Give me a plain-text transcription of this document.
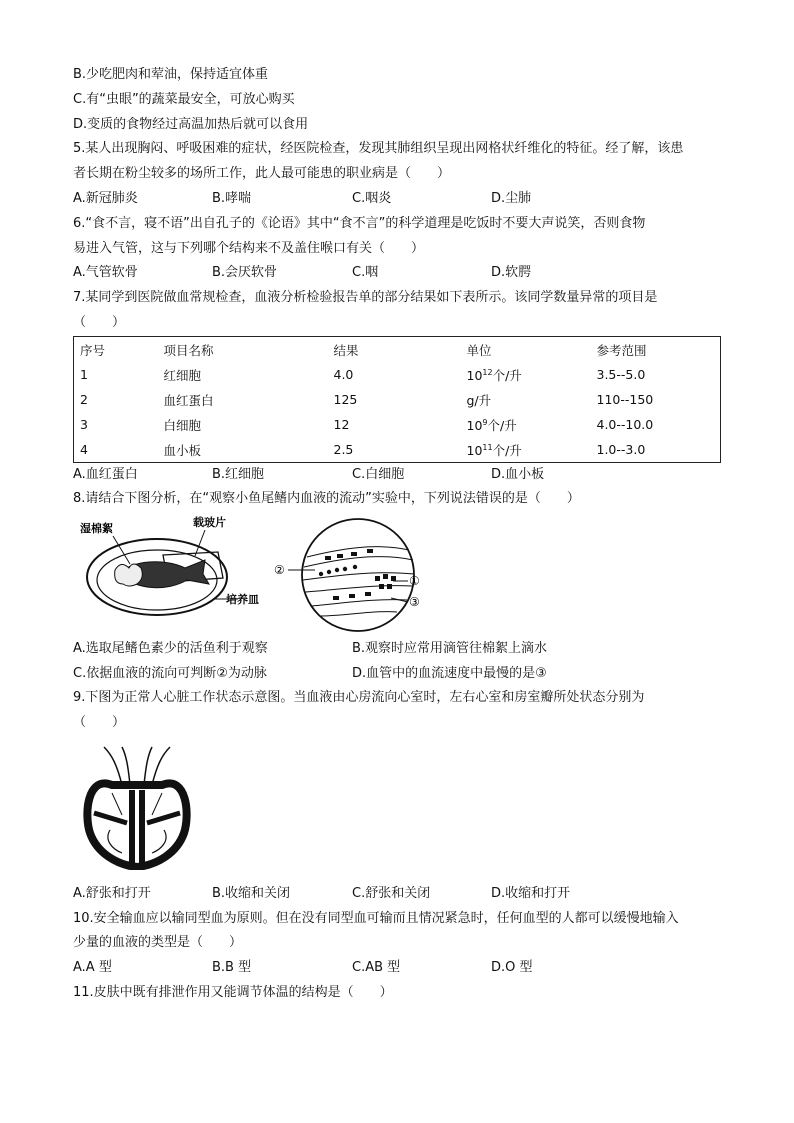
B.少吃肥肉和荤油，保持适宜体重
C.有“虫眼”的蔬菜最安全，可放心购买
D.变质的食物经过高温加热后就可以食用
5.某人出现胸闷、呼吸困难的症状，经医院检查，发现其肺组织呈现出网格状纤维化的特征。经了解，该患
者长期在粉尘较多的场所工作，此人最可能患的职业病是（　　）
A.新冠肺炎	B.哮喘	C.咽炎	D.尘肺
6.“食不言，寝不语”出自孔子的《论语》其中“食不言”的科学道理是吃饭时不要大声说笑，否则食物
易进入气管，这与下列哪个结构来不及盖住喉口有关（　　）
A.气管软骨	B.会厌软骨	C.咽	D.软腭
7.某同学到医院做血常规检查，血液分析检验报告单的部分结果如下表所示。该同学数量异常的项目是
（　　）
序号	项目名称	结果	单位	参考范围
1	红细胞	4.0	$10^{12}$个/升	3.5--5.0
2	血红蛋白	125	g/升	110--150
3	白细胞	12	$10^9$个/升	4.0--10.0
4	血小板	2.5	$10^{11}$个/升	1.0--3.0
A.血红蛋白	B.红细胞	C.白细胞	D.血小板
8.请结合下图分析，在“观察小鱼尾鳍内血液的流动”实验中，下列说法错误的是（　　）
湿棉絮	载玻片
培养皿
②
①
③
A.选取尾鳍色素少的活鱼利于观察	B.观察时应常用滴管往棉絮上滴水
C.依据血液的流向可判断②为动脉	D.血管中的血流速度中最慢的是③
9.下图为正常人心脏工作状态示意图。当血液由心房流向心室时，左右心室和房室瓣所处状态分别为
（　　）
A.舒张和打开	B.收缩和关闭	C.舒张和关闭	D.收缩和打开
10.安全输血应以输同型血为原则。但在没有同型血可输而且情况紧急时，任何血型的人都可以缓慢地输入
少量的血液的类型是（　　）
A.A 型	B.B 型	C.AB 型	D.O 型
11.皮肤中既有排泄作用又能调节体温的结构是（　　）
